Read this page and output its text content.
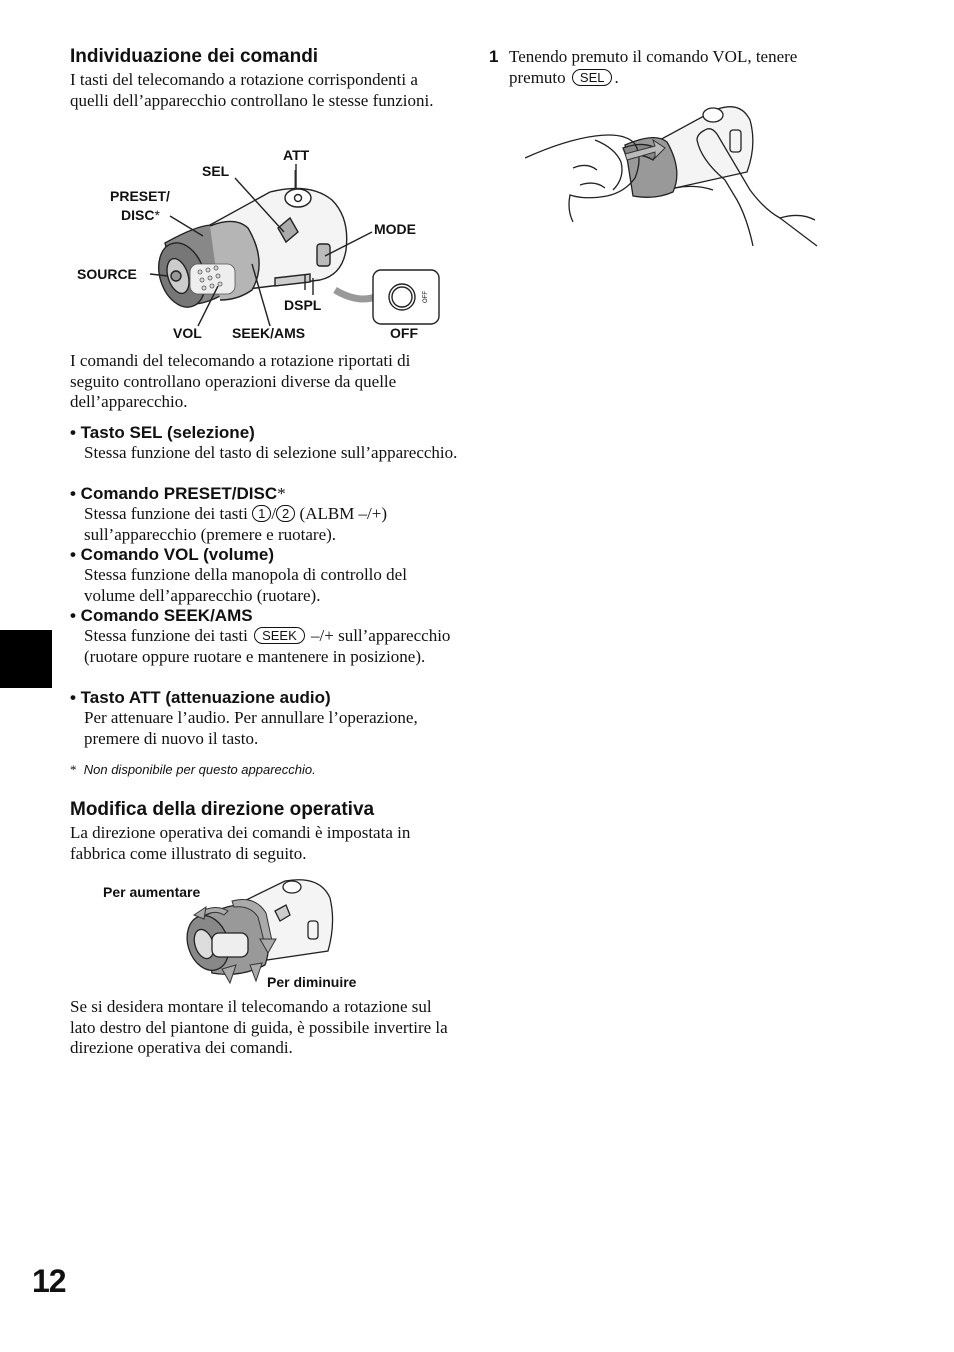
Individuazione dei comandi
I tasti del telecomando a rotazione corrispondenti a quelli dell’apparecchio controllano le stesse funzioni.
OFF
ATT
SEL
PRESET/
DISC*
MODE
SOURCE
DSPL
VOL SEEK/AMS	OFF
I comandi del telecomando a rotazione riportati di seguito controllano operazioni diverse da quelle dell’apparecchio.
• Tasto SEL (selezione)
Stessa funzione del tasto di selezione sull’apparecchio.
• Comando PRESET/DISC*
Stessa funzione dei tasti 1 / 2 (ALBM –/+) sull’apparecchio (premere e ruotare).
• Comando VOL (volume)
Stessa funzione della manopola di controllo del volume dell’apparecchio (ruotare).
• Comando SEEK/AMS
Stessa funzione dei tasti SEEK –/+ sull’apparecchio (ruotare oppure ruotare e mantenere in posizione).
• Tasto ATT (attenuazione audio)
Per attenuare l’audio. Per annullare l’operazione, premere di nuovo il tasto.
* Non disponibile per questo apparecchio.
Modifica della direzione operativa
La direzione operativa dei comandi è impostata in fabbrica come illustrato di seguito.
Per aumentare
Per diminuire
Se si desidera montare il telecomando a rotazione sul lato destro del piantone di guida, è possibile invertire la direzione operativa dei comandi.
1 Tenendo premuto il comando VOL, tenere premuto SEL .
12
